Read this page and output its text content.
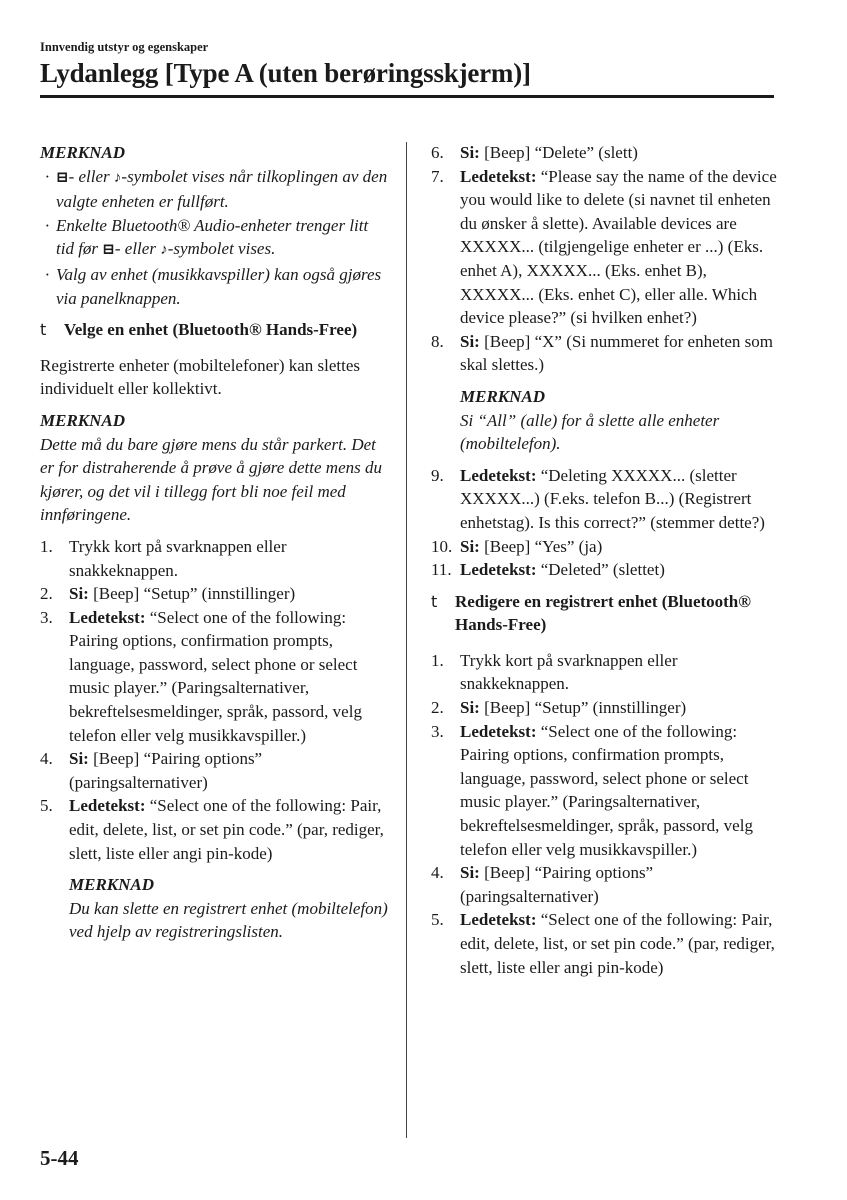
Innvendig utstyr og egenskaper

Lydanlegg [Type A (uten berøringsskjerm)]
MERKNAD
· ⊟- eller ♪-symbolet vises når tilkoplingen av den valgte enheten er fullført.
· Enkelte Bluetooth® Audio-enheter trenger litt tid før ⊟- eller ♪-symbolet vises.
· Valg av enhet (musikkavspiller) kan også gjøres via panelknappen.
t Velge en enhet (Bluetooth® Hands-Free)

Registrerte enheter (mobiltelefoner) kan slettes individuelt eller kollektivt.

MERKNAD

Dette må du bare gjøre mens du står parkert. Det er for distraherende å prøve å gjøre dette mens du kjører, og det vil i tillegg fort bli noe feil med innføringene.

1. Trykk kort på svarknappen eller snakkeknappen.
2. Si: [Beep] “Setup” (innstillinger)
3. Ledetekst: “Select one of the following: Pairing options, confirmation prompts, language, password, select phone or select music player.” (Paringsalternativer, bekreftelsesmeldinger, språk, passord, velg telefon eller velg musikkavspiller.)
4. Si: [Beep] “Pairing options” (paringsalternativer)
5. Ledetekst: “Select one of the following: Pair, edit, delete, list, or set pin code.” (par, rediger, slett, liste eller angi pin-kode)
MERKNAD

Du kan slette en registrert enhet (mobiltelefon) ved hjelp av registreringslisten.

6. Si: [Beep] “Delete” (slett)
7. Ledetekst: “Please say the name of the device you would like to delete (si navnet til enheten du ønsker å slette). Available devices are XXXXX... (tilgjengelige enheter er ...) (Eks. enhet A), XXXXX... (Eks. enhet B), XXXXX... (Eks. enhet C), eller alle. Which device please?” (si hvilken enhet?)
8. Si: [Beep] “X” (Si nummeret for enheten som skal slettes.)
MERKNAD

Si “All” (alle) for å slette alle enheter (mobiltelefon).

9. Ledetekst: “Deleting XXXXX... (sletter XXXXX...) (F.eks. telefon B...) (Registrert enhetstag). Is this correct?” (stemmer dette?)
10. Si: [Beep] “Yes” (ja)
11. Ledetekst: “Deleted” (slettet)
t Redigere en registrert enhet (Bluetooth® Hands-Free)
1. Trykk kort på svarknappen eller snakkeknappen.
2. Si: [Beep] “Setup” (innstillinger)
3. Ledetekst: “Select one of the following: Pairing options, confirmation prompts, language, password, select phone or select music player.” (Paringsalternativer, bekreftelsesmeldinger, språk, passord, velg telefon eller velg musikkavspiller.)
4. Si: [Beep] “Pairing options” (paringsalternativer)
5. Ledetekst: “Select one of the following: Pair, edit, delete, list, or set pin code.” (par, rediger, slett, liste eller angi pin-kode)

5-44
